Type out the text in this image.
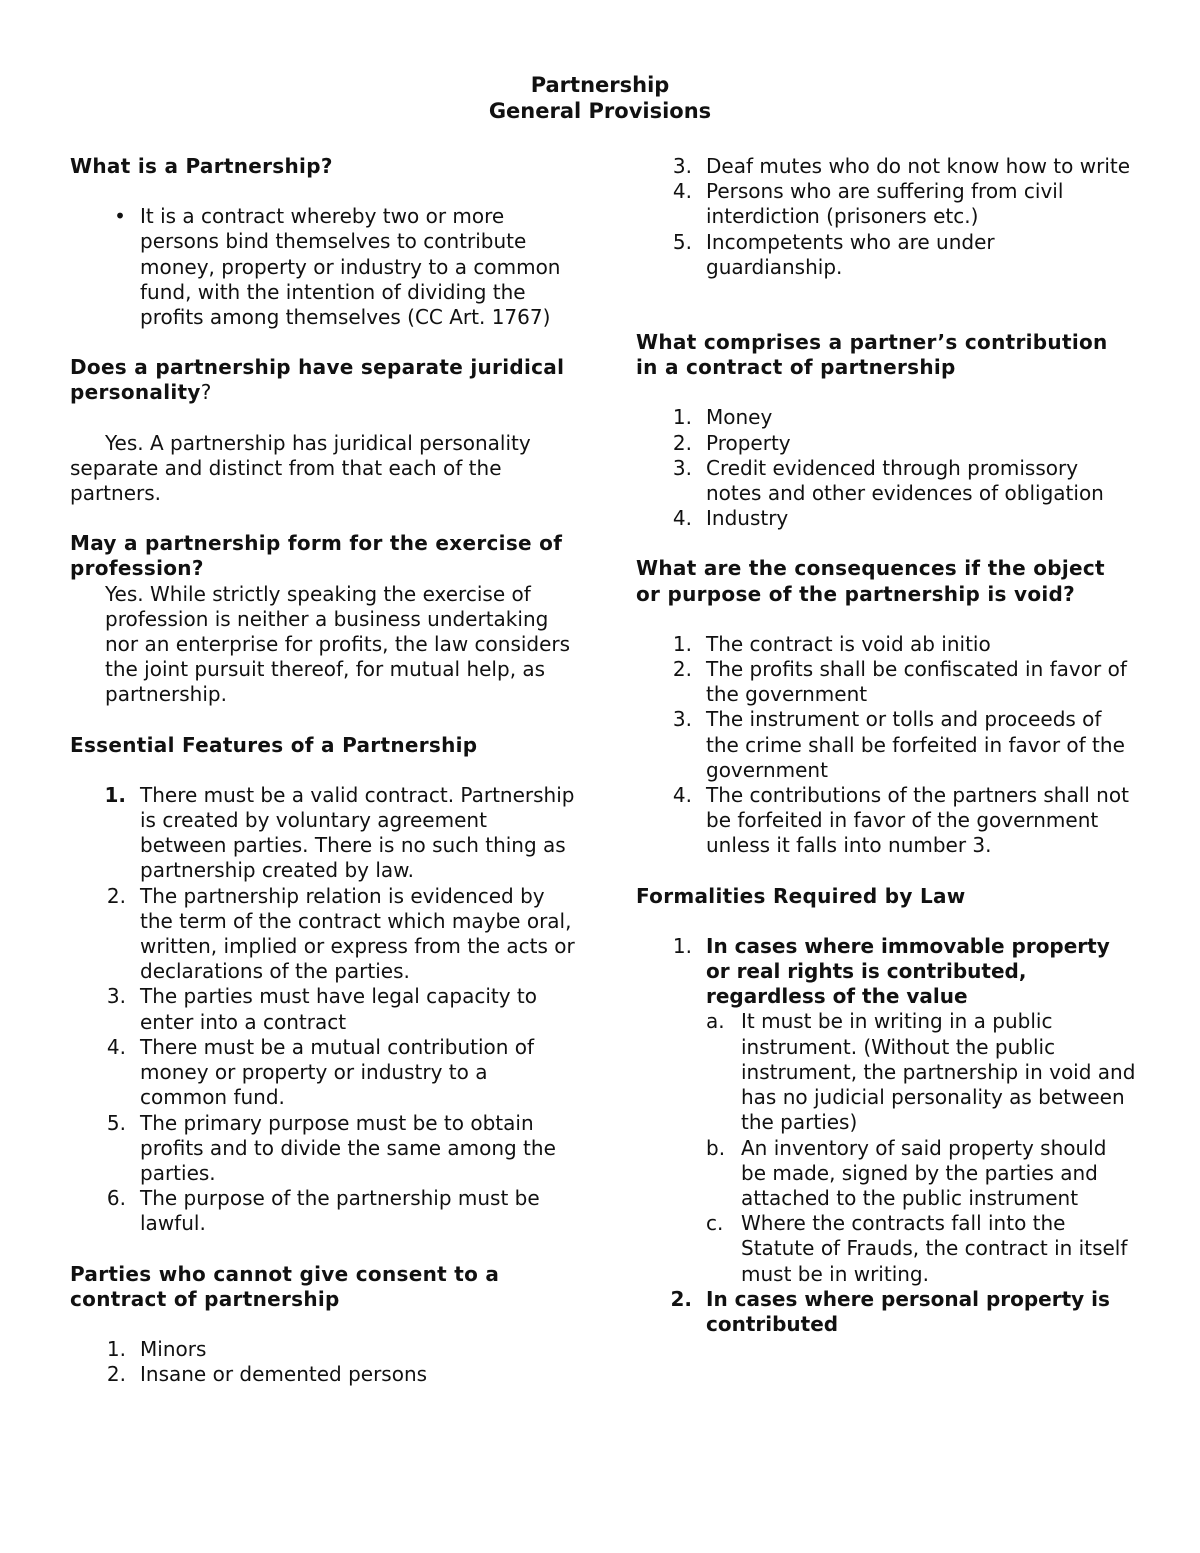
Partnership
General Provisions
What is a Partnership?
• It is a contract whereby two or more persons bind themselves to contribute money, property or industry to a common fund, with the intention of dividing the profits among themselves (CC Art. 1767)
Does a partnership have separate juridical personality?

Yes. A partnership has juridical personality separate and distinct from that each of the partners.

May a partnership form for the exercise of profession?

Yes. While strictly speaking the exercise of profession is neither a business undertaking nor an enterprise for profits, the law considers the joint pursuit thereof, for mutual help, as partnership.

Essential Features of a Partnership
1. There must be a valid contract. Partnership is created by voluntary agreement between parties. There is no such thing as partnership created by law.
2. The partnership relation is evidenced by the term of the contract which maybe oral, written, implied or express from the acts or declarations of the parties.
3. The parties must have legal capacity to enter into a contract
4. There must be a mutual contribution of money or property or industry to a common fund.
5. The primary purpose must be to obtain profits and to divide the same among the parties.
6. The purpose of the partnership must be lawful.
Parties who cannot give consent to a contract of partnership
1. Minors
2. Insane or demented persons
3. Deaf mutes who do not know how to write
4. Persons who are suffering from civil interdiction (prisoners etc.)
5. Incompetents who are under guardianship.
What comprises a partner’s contribution in a contract of partnership
1. Money
2. Property
3. Credit evidenced through promissory notes and other evidences of obligation
4. Industry
What are the consequences if the object or purpose of the partnership is void?
1. The contract is void ab initio
2. The profits shall be confiscated in favor of the government
3. The instrument or tolls and proceeds of the crime shall be forfeited in favor of the government
4. The contributions of the partners shall not be forfeited in favor of the government unless it falls into number 3.
Formalities Required by Law
1. In cases where immovable property or real rights is contributed, regardless of the value
a. It must be in writing in a public instrument. (Without the public instrument, the partnership in void and has no judicial personality as between the parties)
b. An inventory of said property should be made, signed by the parties and attached to the public instrument
c. Where the contracts fall into the Statute of Frauds, the contract in itself must be in writing.
2. In cases where personal property is contributed
